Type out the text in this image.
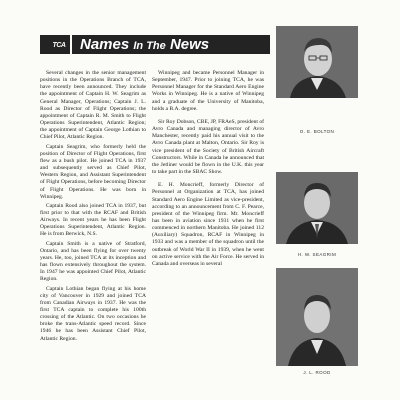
TCA Names In The News

Several changes in the senior management positions in the Operations Branch of TCA, have recently been announced. They include the appointment of Captain H. W. Seagrim as General Manager, Operations; Captain J. L. Rood as Director of Flight Operations; the appointment of Captain R. M. Smith to Flight Operations Superintendent, Atlantic Region; the appointment of Captain George Lothian to Chief Pilot, Atlantic Region.

Captain Seagrim, who formerly held the position of Director of Flight Operations, first flew as a bush pilot. He joined TCA in 1937 and subsequently served as Chief Pilot, Western Region, and Assistant Superintendent of Flight Operations, before becoming Director of Flight Operations. He was born in Winnipeg.

Captain Rood also joined TCA in 1937, but first prior to that with the RCAF and British Airways. In recent years he has been Flight Operations Superintendent, Atlantic Region. He is from Berwick, N.S.

Captain Smith is a native of Stratford, Ontario, and has been flying for over twenty years. He, too, joined TCA at its inception and has flown extensively throughout the system. In 1947 he was appointed Chief Pilot, Atlantic Region.

Captain Lothian began flying at his home city of Vancouver in 1929 and joined TCA from Canadian Airways in 1937. He was the first TCA captain to complete his 100th crossing of the Atlantic. On two occasions he broke the trans-Atlantic speed record. Since 1946 he has been Assistant Chief Pilot, Atlantic Region.

Winnipeg and became Personnel Manager in September, 1947. Prior to joining TCA, he was Personnel Manager for the Standard Aero Engine Works in Winnipeg. He is a native of Winnipeg and a graduate of the University of Manitoba, holds a B.A. degree.

Sir Roy Dobson, CBE, JP, FRAeS, president of Avro Canada and managing director of Avro Manchester, recently paid his annual visit to the Avro Canada plant at Malton, Ontario. Sir Roy is vice president of the Society of British Aircraft Constructors. While in Canada he announced that the Jetliner would be flown in the U.K. this year to take part in the SBAC Show.

E. H. Moncrieff, formerly Director of Personnel at Organization at TCA, has joined Standard Aero Engine Limited as vice-president, according to an announcement from C. F. Pearce, president of the Winnipeg firm. Mr. Moncrieff has been in aviation since 1931 when he first commenced in northern Manitoba. He joined 112 (Auxiliary) Squadron, RCAF in Winnipeg in 1933 and was a member of the squadron until the outbreak of World War II in 1939, when he went on active service with the Air Force. He served in Canada and overseas in several

O. E. BOLTON
H. W. SEAGRIM
J. L. ROOD
